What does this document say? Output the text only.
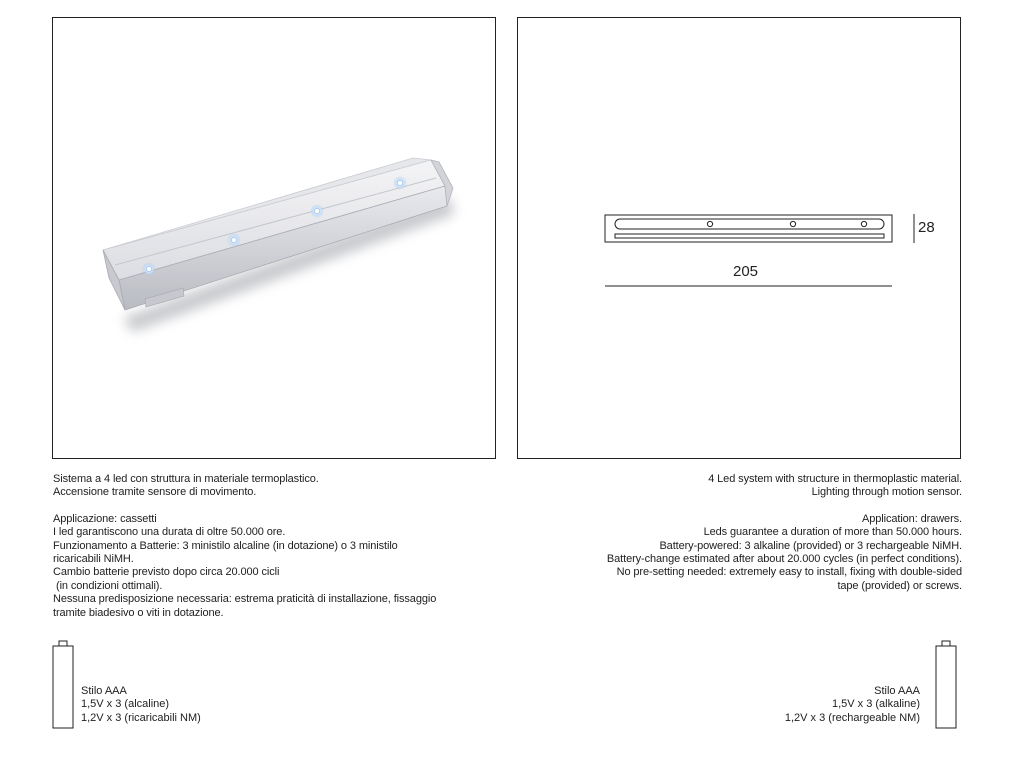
28
205

Sistema a 4 led con struttura in materiale termoplastico.

Accensione tramite sensore di movimento.

Applicazione: cassetti

I led garantiscono una durata di oltre 50.000 ore.

Funzionamento a Batterie: 3 ministilo alcaline (in dotazione) o 3 ministilo

ricaricabili NiMH.

Cambio batterie previsto dopo circa 20.000 cicli

(in condizioni ottimali).

Nessuna predisposizione necessaria: estrema praticità di installazione, fissaggio

tramite biadesivo o viti in dotazione.

4 Led system with structure in thermoplastic material.

Lighting through motion sensor.

Application: drawers.

Leds guarantee a duration of more than 50.000 hours.

Battery-powered: 3 alkaline (provided) or 3 rechargeable NiMH.

Battery-change estimated after about 20.000 cycles (in perfect conditions).

No pre-setting needed: extremely easy to install, fixing with double-sided

tape (provided) or screws.

Stilo AAA

1,5V x 3 (alcaline)

1,2V x 3 (ricaricabili NM)

Stilo AAA

1,5V x 3 (alkaline)

1,2V x 3 (rechargeable NM)
